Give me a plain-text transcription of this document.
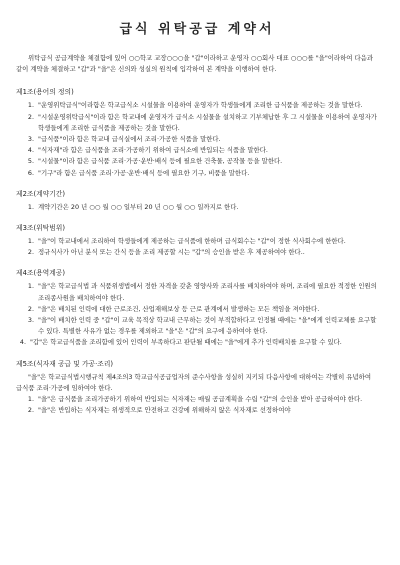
급식 위탁공급 계약서
위탁급식 공급계약을 체결함에 있어 ○○학교 교장○○○을 "갑"이라하고 운영자 ○○회사 대표 ○○○를 "을"이라하여 다음과 같이 계약을 체결하고 "갑"과 "을"은 신의와 성실의 원칙에 입각하여 본 계약을 이행하여 한다.
제1조(용어의 정의)
1. "운영위탁급식"이라함은 학교급식소 시설물을 이용하여 운영자가 학생들에게 조리한 급식품을 제공하는 것을 말한다.
2. "시설운영위탁급식"이라 함은 학교내에 운영자가 급식소 시설물을 설치하고 기부체납한 후 그 시설물을 이용하여 운영자가 학생들에게 조리한 급식품을 제공하는 것을 말한다.
3. "급식품"이라 함은 학교내 급식실에서 조리·가공한 식품을 말한다.
4. "식자재"라 함은 급식품을 조리·가공하기 위하여 급식소에 반입되는 식품을 말한다.
5. "시설물"이라 함은 급식품 조리·가공·운반·배식 등에 필요한 건축물, 공작물 등을 말한다.
6. "기구"라 함은 급식품 조리·가공·운반·배식 등에 필요한 기구, 비품을 말한다.
제2조(계약기간)
1. 계약기간은 20 년 ○○ 월 ○○ 일부터 20 년 ○○ 월 ○○ 일까지로 한다.
제3조(위탁범위)
1. "을"이 학교내에서 조리하여 학생들에게 제공하는 급식품에 한하며 급식회수는 "갑"이 정한 식사회수에 한한다.
2. 정규식사가 아닌 분식 또는 간식 등을 조리 제공할 시는 "갑"의 승인을 받은 후 제공하여야 한다..
제4조(용역계공)
1. "을"은 학교급식법 과 식품위생법에서 정한 자격을 갖춘 영양사와 조리사를 배치하여야 하며, 조리에 필요한 적정한 인원의 조리종사원을 배치하여야 한다.
2. "을"은 배치된 인력에 대한 근로조건, 산업재해보상 등 근로 관계에서 발생하는 모든 책임을 져야한다.
3. "을"이 배치한 인력 중 "갑"이 교육 목적상 학교내 근무하는 것이 부적합하다고 인정될 때에는 "을"에게 인력교체를 요구할 수 있다. 특별한 사유가 없는 경우를 제외하고 "을"은 "갑"의 요구에 응하여야 한다.
4. "갑"은 학교급식품을 조리함에 있어 인력이 부족하다고 판단될 때에는 "을"에게 추가 인력배치를 요구할 수 있다.
제5조(식자재 공급 및 가공·조리)
"을"은 학교급식법시행규칙 제4조의3 학교급식공급업자의 준수사항을 성실히 지키되 다음사항에 대하여는 각별히 유념하여 급식품 조리·가공에 임하여야 한다.
1. "을"은 급식품을 조리가공하기 위하여 반입되는 식자재는 매월 공급계획을 수립 "갑"의 승인을 받아 공급하여야 한다.
2. "을"은 반입하는 식자재는 위생적으로 안전하고 건강에 위해하지 않은 식자재로 선정하여야
